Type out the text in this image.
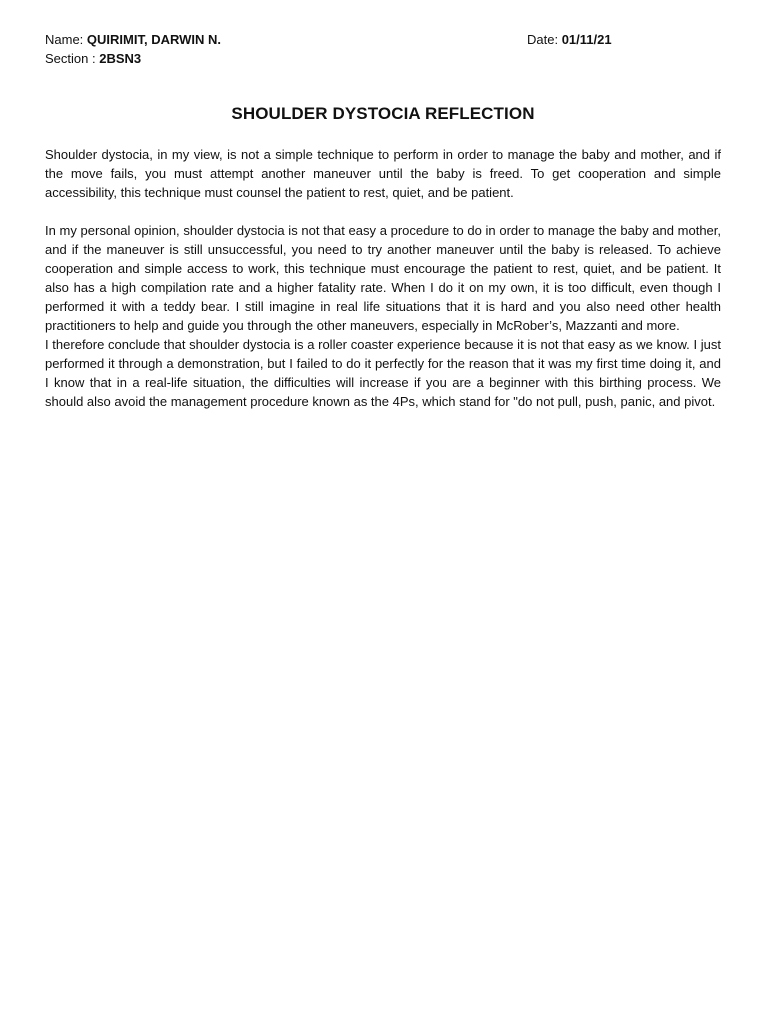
Name: QUIRIMIT, DARWIN N.	Date: 01/11/21
Section : 2BSN3
SHOULDER DYSTOCIA REFLECTION

Shoulder dystocia, in my view, is not a simple technique to perform in order to manage the baby and mother, and if the move fails, you must attempt another maneuver until the baby is freed. To get cooperation and simple accessibility, this technique must counsel the patient to rest, quiet, and be patient.

In my personal opinion, shoulder dystocia is not that easy a procedure to do in order to manage the baby and mother, and if the maneuver is still unsuccessful, you need to try another maneuver until the baby is released. To achieve cooperation and simple access to work, this technique must encourage the patient to rest, quiet, and be patient. It also has a high compilation rate and a higher fatality rate. When I do it on my own, it is too difficult, even though I performed it with a teddy bear. I still imagine in real life situations that it is hard and you also need other health practitioners to help and guide you through the other maneuvers, especially in McRober’s, Mazzanti and more.

I therefore conclude that shoulder dystocia is a roller coaster experience because it is not that easy as we know. I just performed it through a demonstration, but I failed to do it perfectly for the reason that it was my first time doing it, and I know that in a real-life situation, the difficulties will increase if you are a beginner with this birthing process. We should also avoid the management procedure known as the 4Ps, which stand for "do not pull, push, panic, and pivot.
